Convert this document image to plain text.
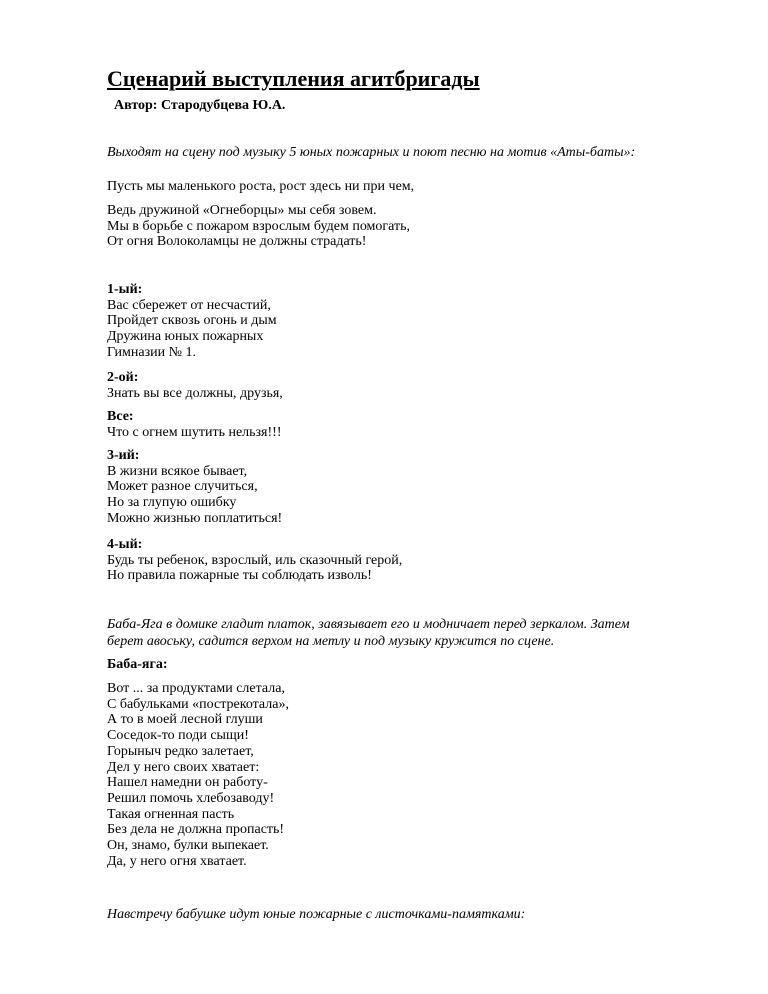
Сценарий выступления агитбригады
Автор: Стародубцева Ю.А.
Выходят на сцену под музыку 5 юных пожарных и поют песню на мотив «Аты-баты»:
Пусть мы маленького роста, рост здесь ни при чем,
Ведь дружиной «Огнеборцы» мы себя зовем.
Мы в борьбе с пожаром взрослым будем помогать,
От огня Волоколамцы не должны страдать!
1-ый:
Вас сбережет от несчастий,
Пройдет сквозь огонь и дым
Дружина юных пожарных
Гимназии № 1.
2-ой:
Знать вы все должны, друзья,
Все:
Что с огнем шутить нельзя!!!
3-ий:
В жизни всякое бывает,
Может разное случиться,
Но за глупую ошибку
Можно жизнью поплатиться!
4-ый:
Будь ты ребенок, взрослый, иль сказочный герой,
Но правила пожарные ты соблюдать изволь!
Баба-Яга в домике гладит платок, завязывает его и модничает перед зеркалом. Затем
берет авоську, садится верхом на метлу и под музыку кружится по сцене.
Баба-яга:
Вот ... за продуктами слетала,
С бабульками «пострекотала»,
А то в моей лесной глуши
Соседок-то поди сыщи!
Горыныч редко залетает,
Дел у него своих хватает:
Нашел намедни он работу-
Решил помочь хлебозаводу!
Такая огненная пасть
Без дела не должна пропасть!
Он, знамо, булки выпекает.
Да, у него огня хватает.
Навстречу бабушке идут юные пожарные с листочками-памятками:
